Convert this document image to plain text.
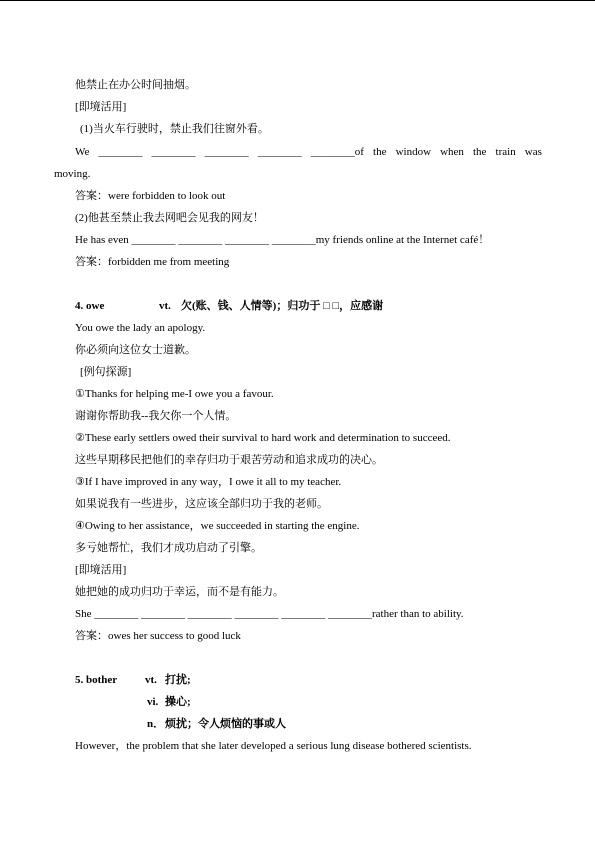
他禁止在办公时间抽烟。
[即境活用]
(1)当火车行驶时，禁止我们往窗外看。
We ________ ________ ________ ________ ________of the window when the train was
moving.
答案：were forbidden to look out
(2)他甚至禁止我去网吧会见我的网友！
He has even ________ ________ ________ ________my friends online at the Internet café！
答案：forbidden me from meeting
4. owe	vt. 欠(账、钱、人情等)；归功于 □ □，应感谢
You owe the lady an apology.
你必须向这位女士道歉。
[例句探源]
①Thanks for helping me-I owe you a favour.
谢谢你帮助我--我欠你一个人情。
②These early settlers owed their survival to hard work and determination to succeed.
这些早期移民把他们的幸存归功于艰苦劳动和追求成功的决心。
③If I have improved in any way，I owe it all to my teacher.
如果说我有一些进步，这应该全部归功于我的老师。
④Owing to her assistance，we succeeded in starting the engine.
多亏她帮忙，我们才成功启动了引擎。
[即境活用]
她把她的成功归功于幸运，而不是有能力。
She ________ ________ ________ ________ ________ ________rather than to ability.
答案：owes her success to good luck
5. bother	vt. 打扰;
vi. 操心;
n．烦扰；令人烦恼的事或人
However，the problem that she later developed a serious lung disease bothered scientists.
